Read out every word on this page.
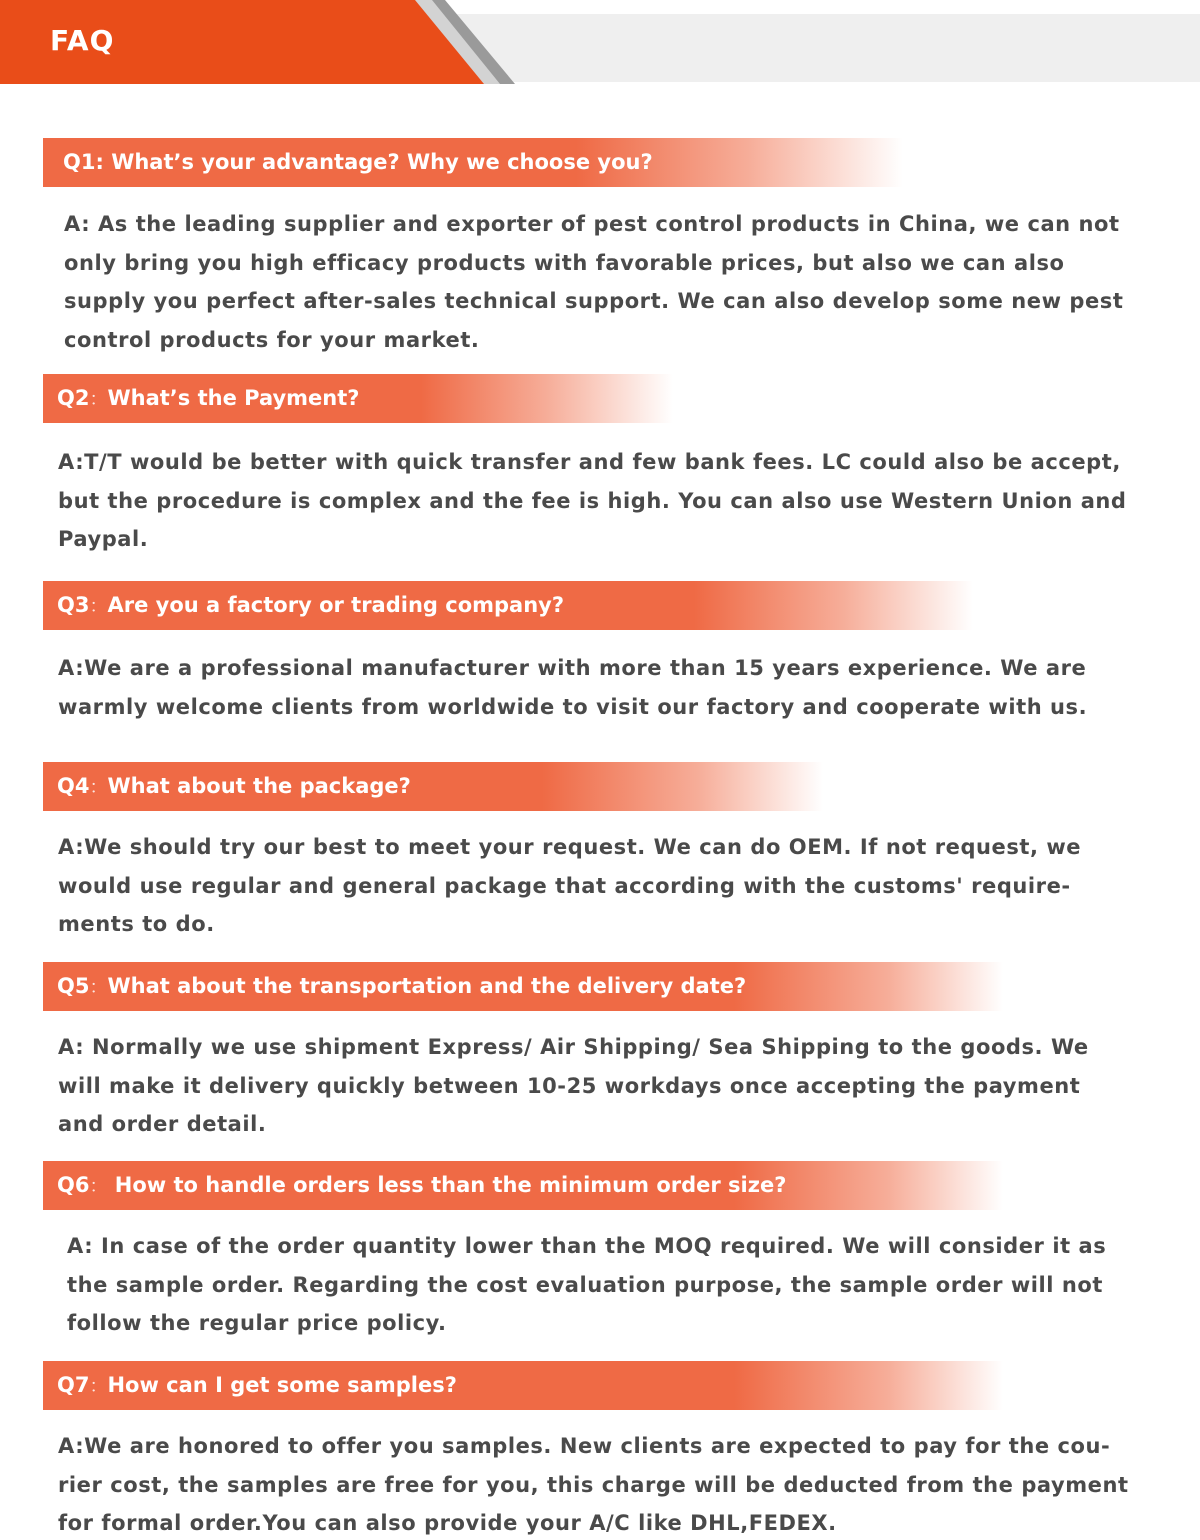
FAQ
Q1: What’s your advantage? Why we choose you?
A: As the leading supplier and exporter of pest control products in China, we can not
only bring you high efficacy products with favorable prices, but also we can also
supply you perfect after-sales technical support. We can also develop some new pest
control products for your market.
Q2：What’s the Payment?
A:T/T would be better with quick transfer and few bank fees. LC could also be accept,
but the procedure is complex and the fee is high. You can also use Western Union and
Paypal.
Q3：Are you a factory or trading company?
A:We are a professional manufacturer with more than 15 years experience. We are
warmly welcome clients from worldwide to visit our factory and cooperate with us.
Q4：What about the package?
A:We should try our best to meet your request. We can do OEM. If not request, we
would use regular and general package that according with the customs' require-
ments to do.
Q5：What about the transportation and the delivery date?
A: Normally we use shipment Express/ Air Shipping/ Sea Shipping to the goods. We
will make it delivery quickly between 10-25 workdays once accepting the payment
and order detail.
Q6： How to handle orders less than the minimum order size?
A: In case of the order quantity lower than the MOQ required. We will consider it as
the sample order. Regarding the cost evaluation purpose, the sample order will not
follow the regular price policy.
Q7：How can I get some samples?
A:We are honored to offer you samples. New clients are expected to pay for the cou-
rier cost, the samples are free for you, this charge will be deducted from the payment
for formal order.You can also provide your A/C like DHL,FEDEX.
